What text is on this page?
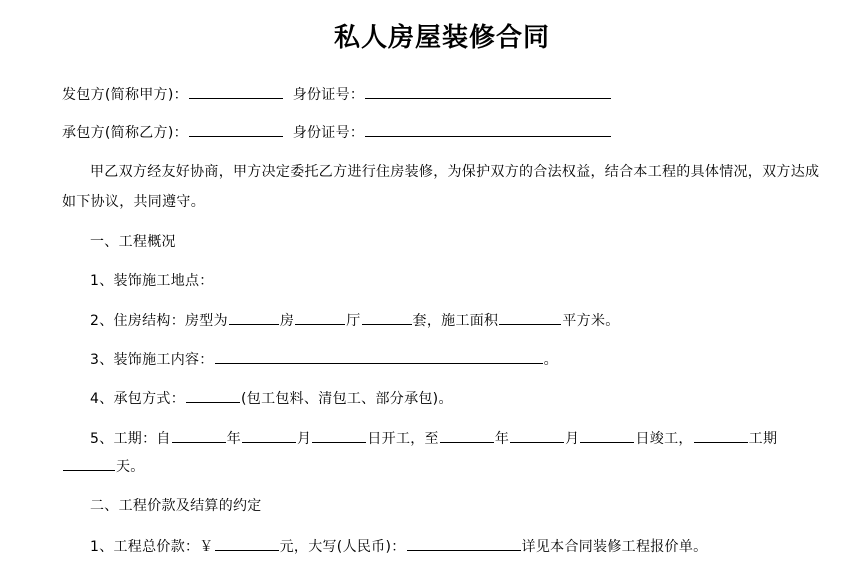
私人房屋装修合同
发包方(简称甲方)：	身份证号：
承包方(简称乙方)：	身份证号：
甲乙双方经友好协商，甲方决定委托乙方进行住房装修，为保护双方的合法权益，结合本工程的具体情况，双方达成如下协议，共同遵守。
一、工程概况
1、装饰施工地点：
2、住房结构：房型为	房	厅	套，施工面积	平方米。
3、装饰施工内容：	。
4、承包方式：	(包工包料、清包工、部分承包)。
5、工期：自	年	月	日开工，至	年	月	日竣工，	工期
天。
二、工程价款及结算的约定
1、工程总价款：￥	元，大写(人民币)：	详见本合同装修工程报价单。
